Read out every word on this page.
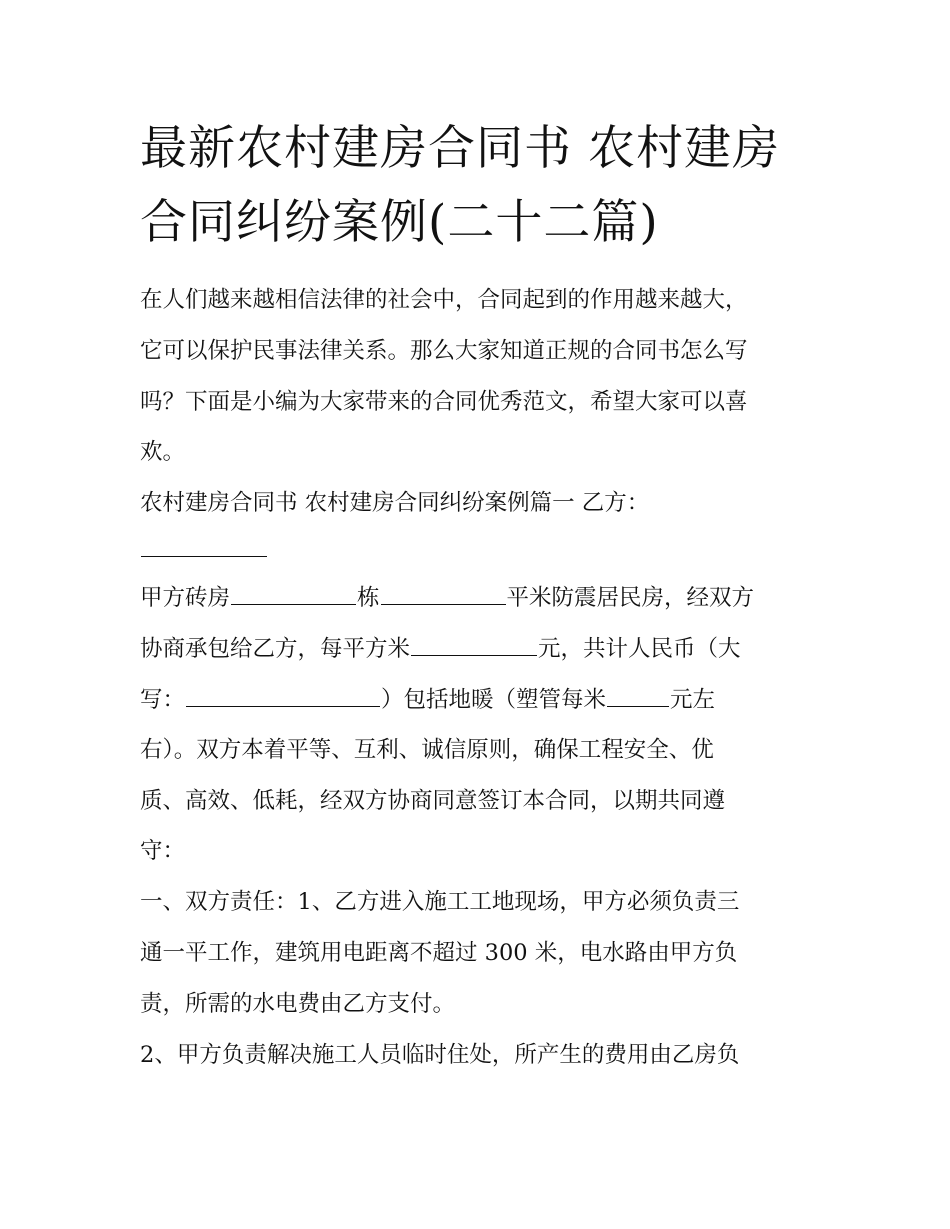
最新农村建房合同书 农村建房
合同纠纷案例(二十二篇)

在人们越来越相信法律的社会中，合同起到的作用越来越大，

它可以保护民事法律关系。那么大家知道正规的合同书怎么写

吗？下面是小编为大家带来的合同优秀范文，希望大家可以喜

欢。

农村建房合同书 农村建房合同纠纷案例篇一 乙方：

甲方砖房	栋	平米防震居民房，经双方

协商承包给乙方，每平方米	元，共计人民币（大

写：	）包括地暖（塑管每米	元左

右）。双方本着平等、互利、诚信原则，确保工程安全、优

质、高效、低耗，经双方协商同意签订本合同，以期共同遵

守：

一、双方责任：1、乙方进入施工工地现场，甲方必须负责三

通一平工作，建筑用电距离不超过 300 米，电水路由甲方负

责，所需的水电费由乙方支付。

2、甲方负责解决施工人员临时住处，所产生的费用由乙房负
